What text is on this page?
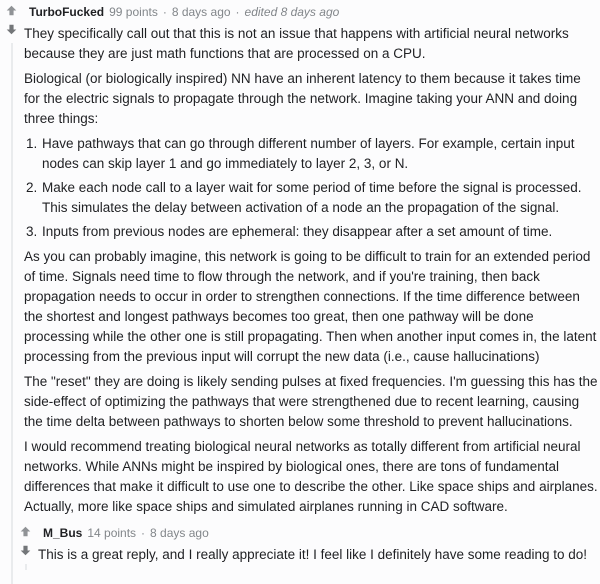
TurboFucked 99 points · 8 days ago · edited 8 days ago

They specifically call out that this is not an issue that happens with artificial neural networks because they are just math functions that are processed on a CPU.

Biological (or biologically inspired) NN have an inherent latency to them because it takes time for the electric signals to propagate through the network. Imagine taking your ANN and doing three things:

1. Have pathways that can go through different number of layers. For example, certain input nodes can skip layer 1 and go immediately to layer 2, 3, or N.
2. Make each node call to a layer wait for some period of time before the signal is processed. This simulates the delay between activation of a node an the propagation of the signal.
3. Inputs from previous nodes are ephemeral: they disappear after a set amount of time.

As you can probably imagine, this network is going to be difficult to train for an extended period of time. Signals need time to flow through the network, and if you're training, then back propagation needs to occur in order to strengthen connections. If the time difference between the shortest and longest pathways becomes too great, then one pathway will be done processing while the other one is still propagating. Then when another input comes in, the latent processing from the previous input will corrupt the new data (i.e., cause hallucinations)

The "reset" they are doing is likely sending pulses at fixed frequencies. I'm guessing this has the side-effect of optimizing the pathways that were strengthened due to recent learning, causing the time delta between pathways to shorten below some threshold to prevent hallucinations.

I would recommend treating biological neural networks as totally different from artificial neural networks. While ANNs might be inspired by biological ones, there are tons of fundamental differences that make it difficult to use one to describe the other. Like space ships and airplanes. Actually, more like space ships and simulated airplanes running in CAD software.

M_Bus 14 points · 8 days ago

This is a great reply, and I really appreciate it! I feel like I definitely have some reading to do!
